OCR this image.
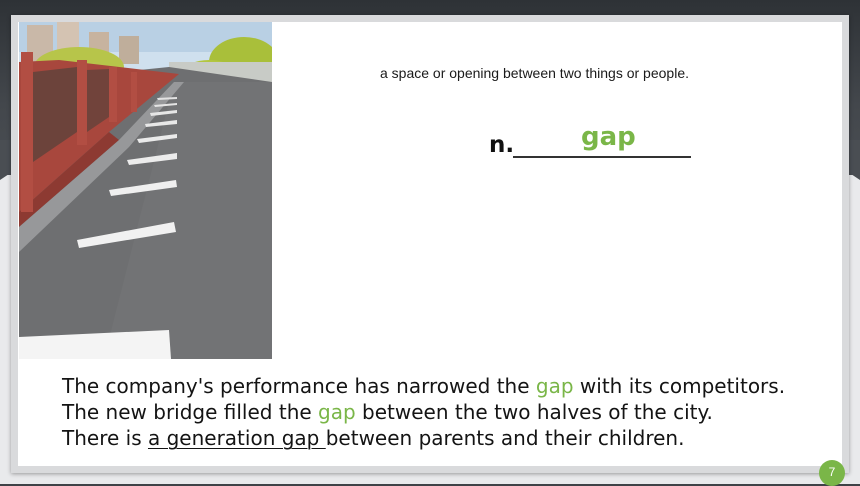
a space or opening between two things or people.
n.	gap

The company's performance has narrowed the gap with its competitors.

The new bridge filled the gap between the two halves of the city.

There is a generation gap between parents and their children.

7
